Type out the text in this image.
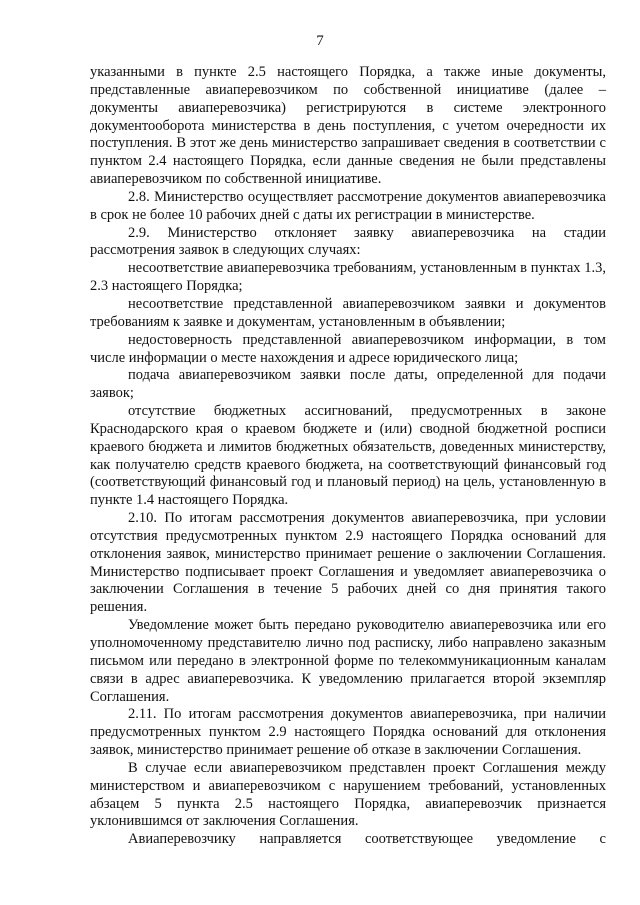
7

указанными в пункте 2.5 настоящего Порядка, а также иные документы, представленные авиаперевозчиком по собственной инициативе (далее – документы авиаперевозчика) регистрируются в системе электронного документооборота министерства в день поступления, с учетом очередности их поступления. В этот же день министерство запрашивает сведения в соответствии с пунктом 2.4 настоящего Порядка, если данные сведения не были представлены авиаперевозчиком по собственной инициативе.

2.8. Министерство осуществляет рассмотрение документов авиаперевозчика в срок не более 10 рабочих дней с даты их регистрации в министерстве.

2.9. Министерство отклоняет заявку авиаперевозчика на стадии рассмотрения заявок в следующих случаях:

несоответствие авиаперевозчика требованиям, установленным в пунктах 1.3, 2.3 настоящего Порядка;

несоответствие представленной авиаперевозчиком заявки и документов требованиям к заявке и документам, установленным в объявлении;

недостоверность представленной авиаперевозчиком информации, в том числе информации о месте нахождения и адресе юридического лица;

подача авиаперевозчиком заявки после даты, определенной для подачи заявок;

отсутствие бюджетных ассигнований, предусмотренных в законе Краснодарского края о краевом бюджете и (или) сводной бюджетной росписи краевого бюджета и лимитов бюджетных обязательств, доведенных министерству, как получателю средств краевого бюджета, на соответствующий финансовый год (соответствующий финансовый год и плановый период) на цель, установленную в пункте 1.4 настоящего Порядка.

2.10. По итогам рассмотрения документов авиаперевозчика, при условии отсутствия предусмотренных пунктом 2.9 настоящего Порядка оснований для отклонения заявок, министерство принимает решение о заключении Соглашения. Министерство подписывает проект Соглашения и уведомляет авиаперевозчика о заключении Соглашения в течение 5 рабочих дней со дня принятия такого решения.

Уведомление может быть передано руководителю авиаперевозчика или его уполномоченному представителю лично под расписку, либо направлено заказным письмом или передано в электронной форме по телекоммуникационным каналам связи в адрес авиаперевозчика. К уведомлению прилагается второй экземпляр Соглашения.

2.11. По итогам рассмотрения документов авиаперевозчика, при наличии предусмотренных пунктом 2.9 настоящего Порядка оснований для отклонения заявок, министерство принимает решение об отказе в заключении Соглашения.

В случае если авиаперевозчиком представлен проект Соглашения между министерством и авиаперевозчиком с нарушением требований, установленных абзацем 5 пункта 2.5 настоящего Порядка, авиаперевозчик признается уклонившимся от заключения Соглашения.

Авиаперевозчику направляется соответствующее уведомление с
